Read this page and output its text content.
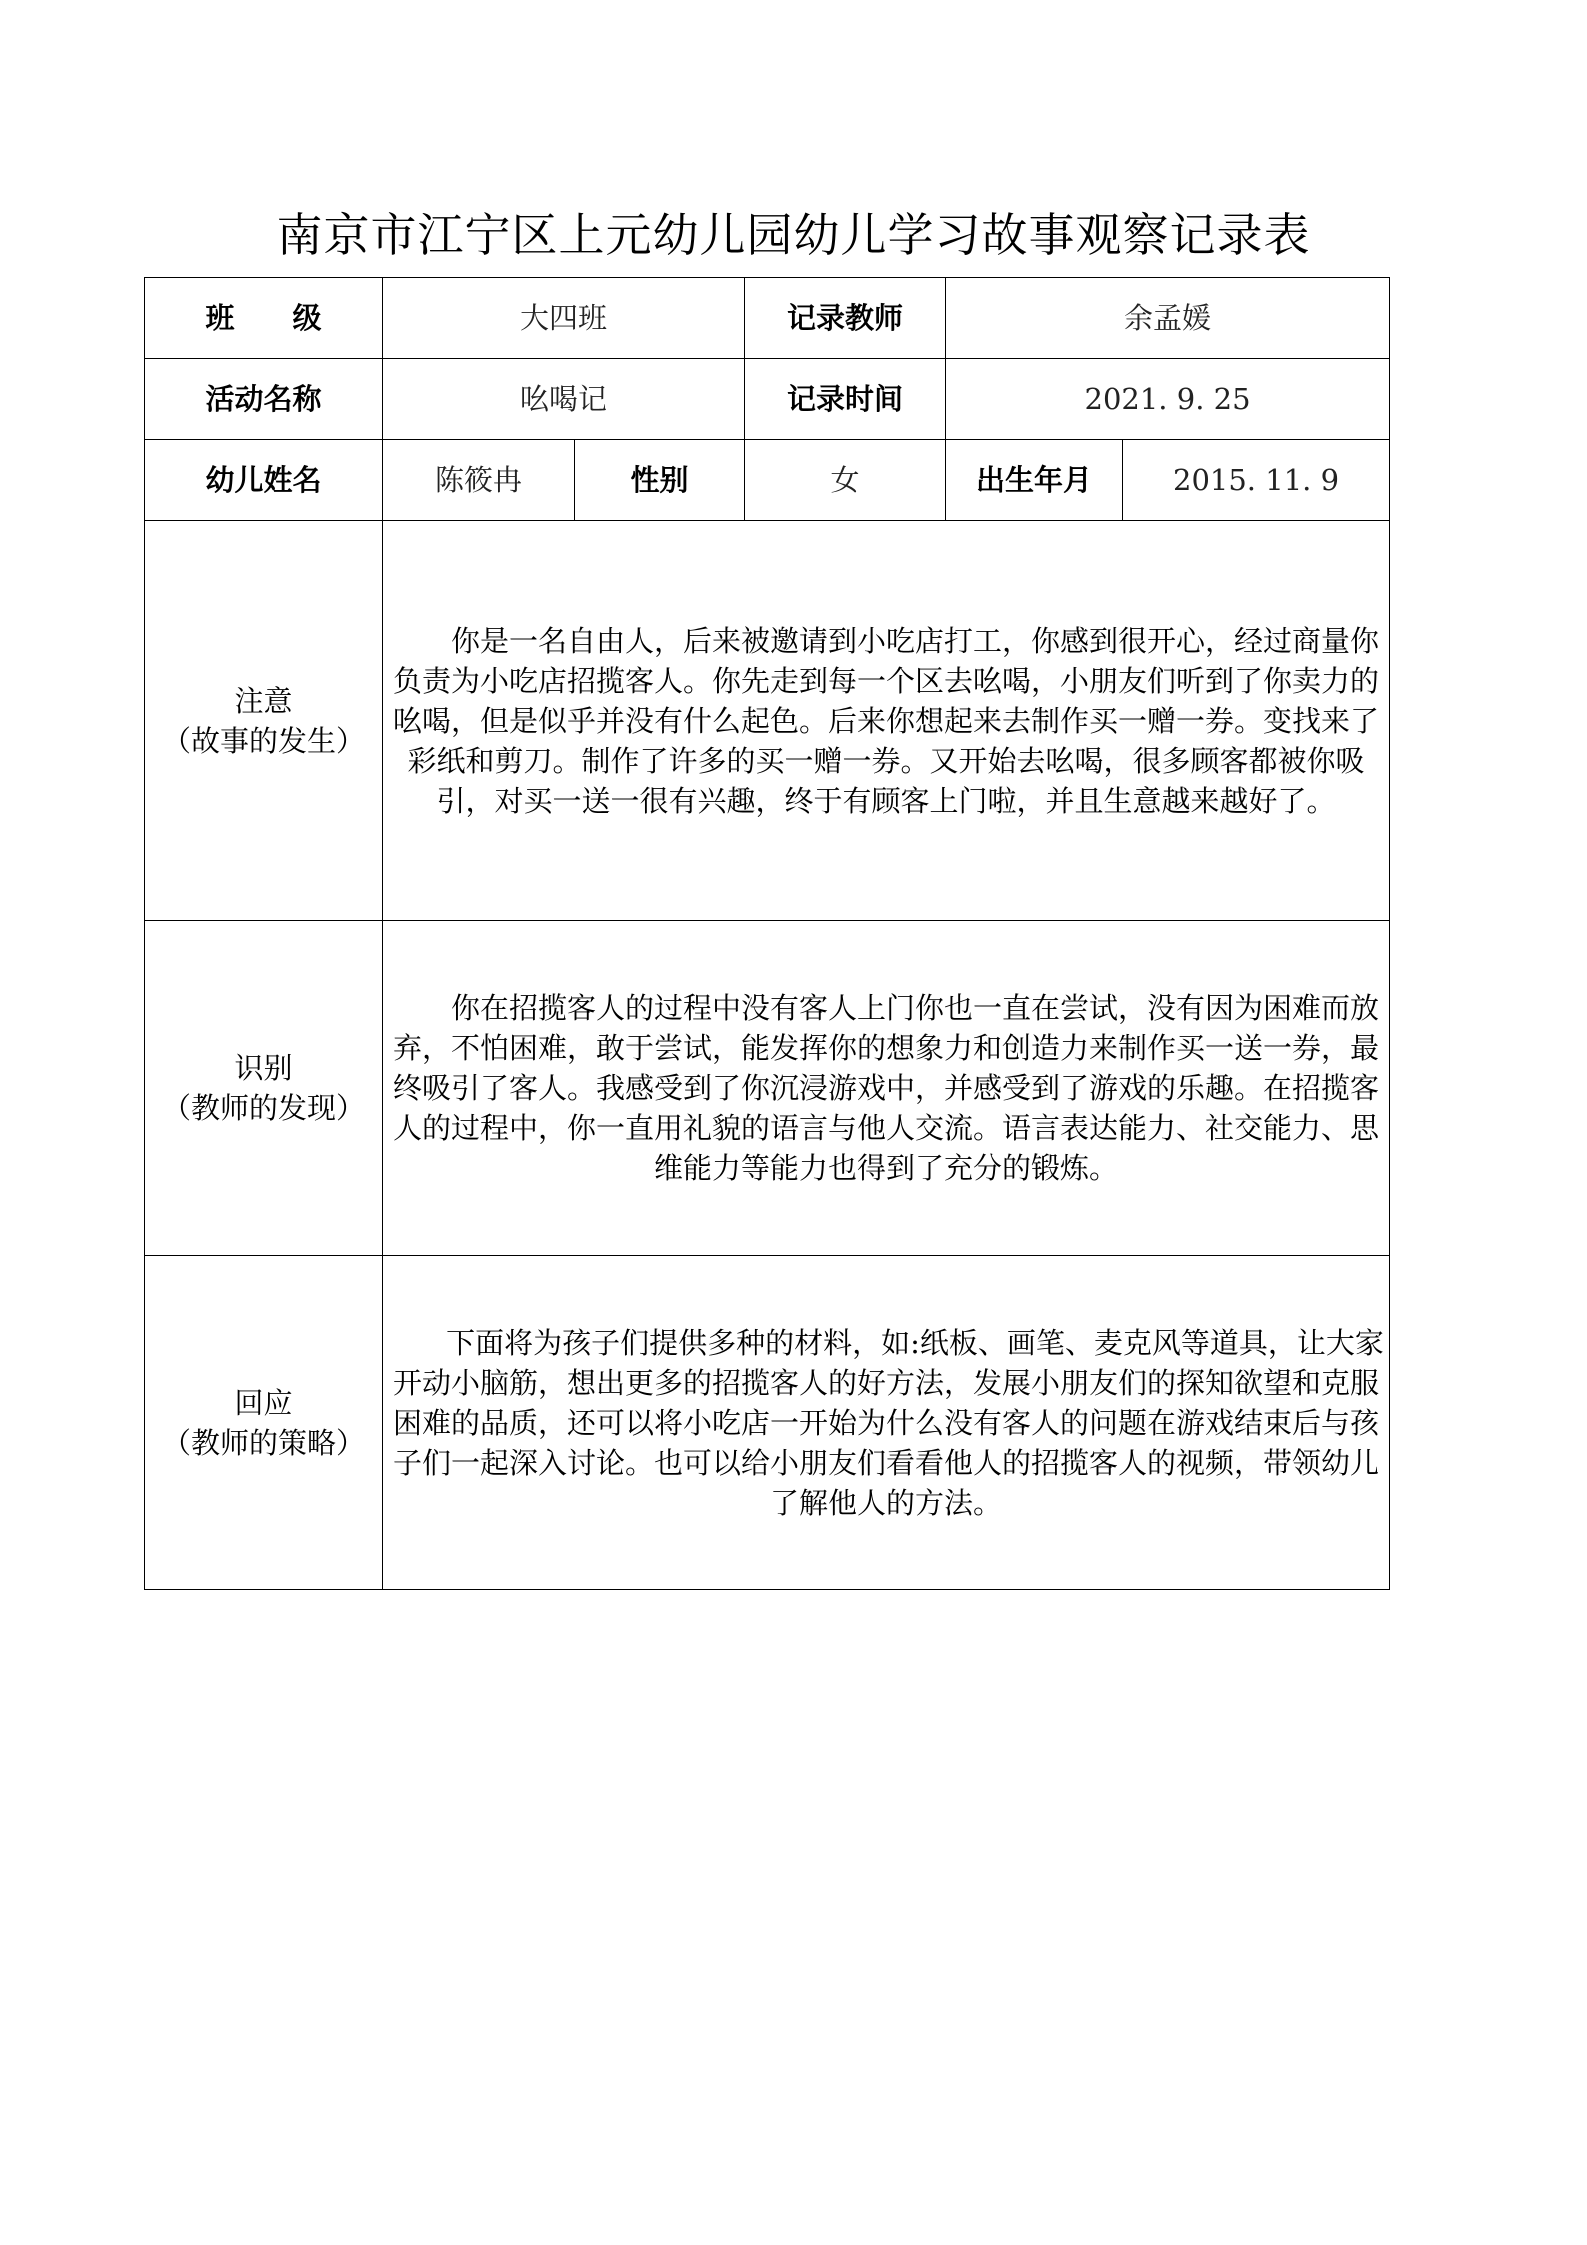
南京市江宁区上元幼儿园幼儿学习故事观察记录表
班　　级	大四班		记录教师	余孟媛	
活动名称	吆喝记		记录时间	2021. 9. 25	
幼儿姓名	陈筱冉	性别	女	出生年月	2015. 11. 9

注意
（故事的发生）	你是一名自由人，后来被邀请到小吃店打工，你感到很开心，经过商量你负责为小吃店招揽客人。你先走到每一个区去吆喝，小朋友们听到了你卖力的吆喝，但是似乎并没有什么起色。后来你想起来去制作买一赠一券。变找来了彩纸和剪刀。制作了许多的买一赠一券。又开始去吆喝，很多顾客都被你吸引，对买一送一很有兴趣，终于有顾客上门啦，并且生意越来越好了。				

识别
（教师的发现）	你在招揽客人的过程中没有客人上门你也一直在尝试，没有因为困难而放弃，不怕困难，敢于尝试，能发挥你的想象力和创造力来制作买一送一券，最终吸引了客人。我感受到了你沉浸游戏中，并感受到了游戏的乐趣。在招揽客人的过程中，你一直用礼貌的语言与他人交流。语言表达能力、社交能力、思维能力等能力也得到了充分的锻炼。				

回应
（教师的策略）	下面将为孩子们提供多种的材料，如:纸板、画笔、麦克风等道具，让大家开动小脑筋，想出更多的招揽客人的好方法，发展小朋友们的探知欲望和克服困难的品质，还可以将小吃店一开始为什么没有客人的问题在游戏结束后与孩子们一起深入讨论。也可以给小朋友们看看他人的招揽客人的视频，带领幼儿了解他人的方法。				
